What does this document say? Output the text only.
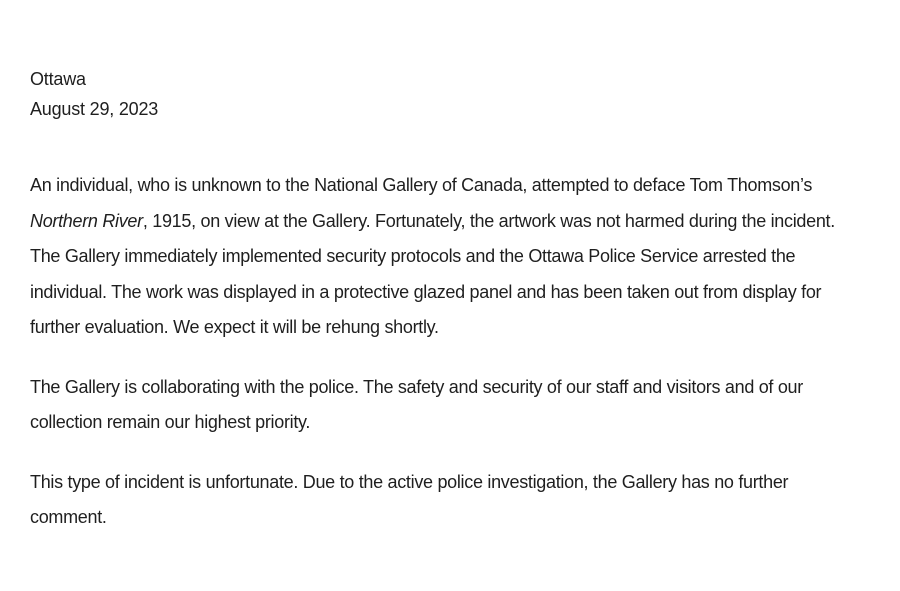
Ottawa

August 29, 2023

An individual, who is unknown to the National Gallery of Canada, attempted to deface Tom Thomson’s
Northern River, 1915, on view at the Gallery. Fortunately, the artwork was not harmed during the incident.
The Gallery immediately implemented security protocols and the Ottawa Police Service arrested the
individual. The work was displayed in a protective glazed panel and has been taken out from display for
further evaluation. We expect it will be rehung shortly.

The Gallery is collaborating with the police. The safety and security of our staff and visitors and of our
collection remain our highest priority.

This type of incident is unfortunate. Due to the active police investigation, the Gallery has no further
comment.
